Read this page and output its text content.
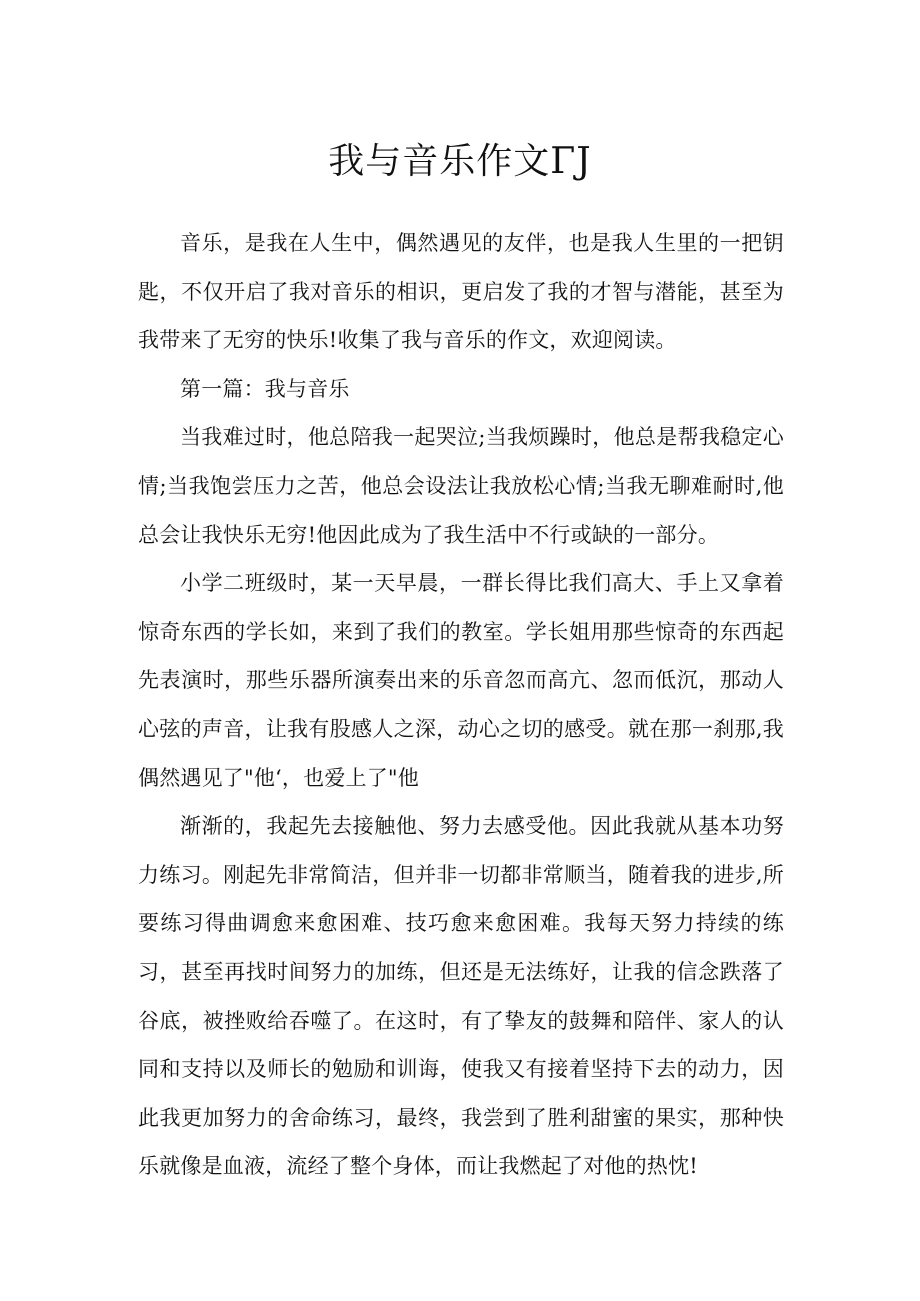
我与音乐作文ΓJ

音乐，是我在人生中，偶然遇见的友伴，也是我人生里的一把钥匙，不仅开启了我对音乐的相识，更启发了我的才智与潜能，甚至为我带来了无穷的快乐!收集了我与音乐的作文，欢迎阅读。

第一篇：我与音乐

当我难过时，他总陪我一起哭泣;当我烦躁时，他总是帮我稳定心情;当我饱尝压力之苦，他总会设法让我放松心情;当我无聊难耐时,他总会让我快乐无穷!他因此成为了我生活中不行或缺的一部分。

小学二班级时，某一天早晨，一群长得比我们高大、手上又拿着惊奇东西的学长如，来到了我们的教室。学长姐用那些惊奇的东西起先表演时，那些乐器所演奏出来的乐音忽而高亢、忽而低沉，那动人心弦的声音，让我有股感人之深，动心之切的感受。就在那一刹那,我偶然遇见了"他‘，也爱上了"他

渐渐的，我起先去接触他、努力去感受他。因此我就从基本功努力练习。刚起先非常简洁，但并非一切都非常顺当，随着我的进步,所要练习得曲调愈来愈困难、技巧愈来愈困难。我每天努力持续的练习，甚至再找时间努力的加练，但还是无法练好，让我的信念跌落了谷底，被挫败给吞噬了。在这时，有了挚友的鼓舞和陪伴、家人的认同和支持以及师长的勉励和训诲，使我又有接着坚持下去的动力，因此我更加努力的舍命练习，最终，我尝到了胜利甜蜜的果实，那种快乐就像是血液，流经了整个身体，而让我燃起了对他的热忱!
